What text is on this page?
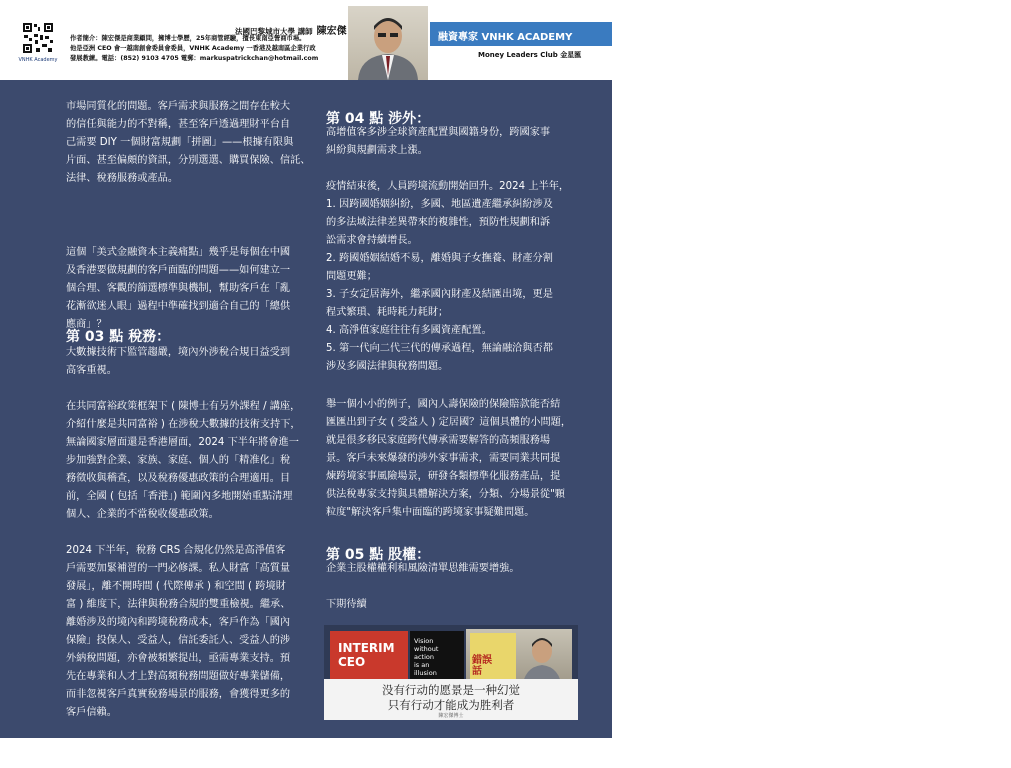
VNHK Academy
法國巴黎城市大學 講師 陳宏傑
作者簡介：陳宏傑是商業顧問，擁博士學歷，25年商管經驗，擅長東南亞營商市場。
他是亞洲 CEO 會一越南創會委員會委員，VNHK Academy 一香港及越南區企業行政
發展教練。電話：(852) 9103 4705 電郵：markuspatrickchan@hotmail.com
融資專家 VNHK ACADEMY	13
Money Leaders Club 金星匯
市場同質化的問題。客戶需求與服務之間存在較大
的信任與能力的不對稱，甚至客戶透過理財平台自
己需要 DIY 一個財富規劃「拼圖」——根據有限與
片面、甚至偏頗的資訊，分別選選、購買保險、信託、
法律、稅務服務或產品。
這個「美式金融資本主義痛點」幾乎是每個在中國
及香港要做規劃的客戶面臨的問題——如何建立一
個合理、客觀的篩選標準與機制，幫助客戶在「亂
花漸欲迷人眼」過程中準確找到適合自己的「總供
應商」？
第 03 點 稅務：
大數據技術下監管趨嚴，境內外涉稅合規日益受到
高客重視。
在共同富裕政策框架下 ( 陳博士有另外課程 / 講座，
介紹什麼是共同富裕 ) 在涉稅大數據的技術支持下，
無論國家層面還是香港層面，2024 下半年將會進一
步加強對企業、家族、家庭、個人的「精准化」稅
務徵收與稽查，以及稅務優惠政策的合理適用。目
前，全國 ( 包括「香港」) 範圍內多地開始重點清理
個人、企業的不當稅收優惠政策。
2024 下半年，稅務 CRS 合規化仍然是高淨值客
戶需要加緊補習的一門必修課。私人財富「高質量
發展」，離不開時間 ( 代際傳承 ) 和空間 ( 跨境財
富 ) 維度下，法律與稅務合規的雙重檢視。繼承、
離婚涉及的境內和跨境稅務成本，客戶作為「國內
保險」投保人、受益人，信託委託人、受益人的涉
外納稅問題，亦會被頻繁提出，亟需專業支持。預
先在專業和人才上對高頻稅務問題做好專業儲備，
而非忽視客戶真實稅務場景的服務，會獲得更多的
客戶信賴。
第 04 點 涉外：
高增值客多涉全球資產配置與國籍身份，跨國家事
糾紛與規劃需求上漲。
疫情結束後，人員跨境流動開始回升。2024 上半年，
1. 因跨國婚姻糾紛，多國、地區遺產繼承糾紛涉及
的多法域法律差異帶來的複雜性，預防性規劃和訴
訟需求會持續增長。
2. 跨國婚姻結婚不易，離婚與子女撫養、財產分割
問題更難；
3. 子女定居海外，繼承國內財產及結匯出境，更是
程式繁瑣、耗時耗力耗財；
4. 高淨值家庭往往有多國資產配置。
5. 第一代向二代三代的傳承過程，無論融洽與否都
涉及多國法律與稅務問題。
舉一個小小的例子，國內人壽保險的保險賠款能否結
匯匯出到子女 ( 受益人 ) 定居國？這個具體的小問題，
就是很多移民家庭跨代傳承需要解答的高頻服務場
景。客戶未來爆發的涉外家事需求，需要同業共同提
煉跨境家事風險場景，研發各類標準化服務產品，提
供法稅專家支持與具體解決方案，分類、分場景從"顆
粒度"解決客戶集中面臨的跨境家事疑難問題。
第 05 點 股權：
企業主股權權利和風險清單思維需要增強。
下期待續
INTERIM
CEO
Vision
without
action
is an
illusion
錯誤
話
没有行动的愿景是一种幻觉
只有行动才能成为胜利者
陳宏傑博士
